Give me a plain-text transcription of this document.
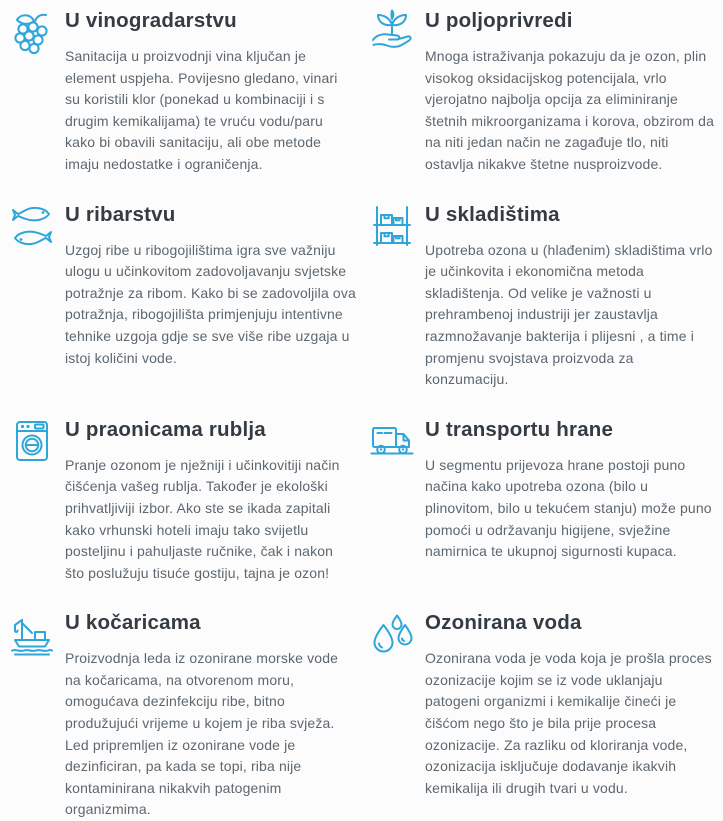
U vinogradarstvu

Sanitacija u proizvodnji vina ključan je element uspjeha. Povijesno gledano, vinari su koristili klor (ponekad u kombinaciji i s drugim kemikalijama) te vruću vodu/paru kako bi obavili sanitaciju, ali obe metode imaju nedostatke i ograničenja.

U poljoprivredi

Mnoga istraživanja pokazuju da je ozon, plin visokog oksidacijskog potencijala, vrlo vjerojatno najbolja opcija za eliminiranje štetnih mikroorganizama i korova, obzirom da na niti jedan način ne zagađuje tlo, niti ostavlja nikakve štetne nusproizvode.

U ribarstvu

Uzgoj ribe u ribogojilištima igra sve važniju ulogu u učinkovitom zadovoljavanju svjetske potražnje za ribom. Kako bi se zadovoljila ova potražnja, ribogojilišta primjenjuju intentivne tehnike uzgoja gdje se sve više ribe uzgaja u istoj količini vode.

U skladištima

Upotreba ozona u (hlađenim) skladištima vrlo je učinkovita i ekonomična metoda skladištenja. Od velike je važnosti u prehrambenoj industriji jer zaustavlja razmnožavanje bakterija i plijesni , a time i promjenu svojstava proizvoda za konzumaciju.

U praonicama rublja

Pranje ozonom je nježniji i učinkovitiji način čišćenja vašeg rublja. Također je ekološki prihvatljiviji izbor. Ako ste se ikada zapitali kako vrhunski hoteli imaju tako svijetlu posteljinu i pahuljaste ručnike, čak i nakon što poslužuju tisuće gostiju, tajna je ozon!

U transportu hrane

U segmentu prijevoza hrane postoji puno načina kako upotreba ozona (bilo u plinovitom, bilo u tekućem stanju) može puno pomoći u održavanju higijene, svježine namirnica te ukupnoj sigurnosti kupaca.

U kočaricama

Proizvodnja leda iz ozonirane morske vode na kočaricama, na otvorenom moru, omogućava dezinfekciju ribe, bitno produžujući vrijeme u kojem je riba svježa. Led pripremljen iz ozonirane vode je dezinficiran, pa kada se topi, riba nije kontaminirana nikakvih patogenim organizmima.

Ozonirana voda

Ozonirana voda je voda koja je prošla proces ozonizacije kojim se iz vode uklanjaju patogeni organizmi i kemikalije čineći je čišćom nego što je bila prije procesa ozonizacije. Za razliku od kloriranja vode, ozonizacija isključuje dodavanje ikakvih kemikalija ili drugih tvari u vodu.
